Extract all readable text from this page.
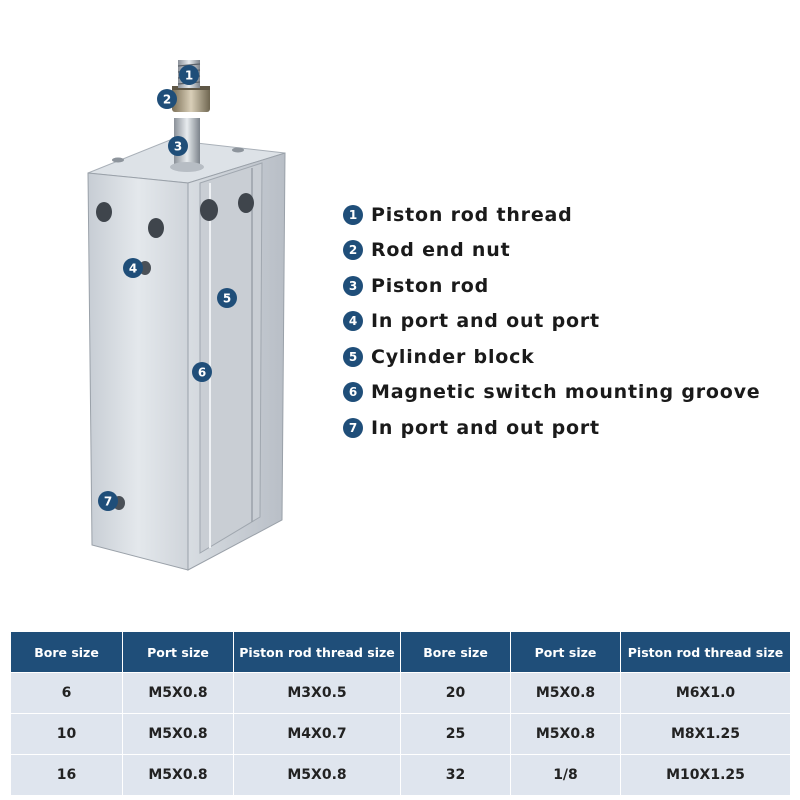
1
2
3
4
5
6
7
1 Piston rod thread
2 Rod end nut
3 Piston rod
4 In port and out port
5 Cylinder block
6 Magnetic switch mounting groove
7 In port and out port
Bore size	Port size	Piston rod thread size	Bore size	Port size	Piston rod thread size
6	M5X0.8	M3X0.5	20	M5X0.8	M6X1.0
10	M5X0.8	M4X0.7	25	M5X0.8	M8X1.25
16	M5X0.8	M5X0.8	32	1/8	M10X1.25
